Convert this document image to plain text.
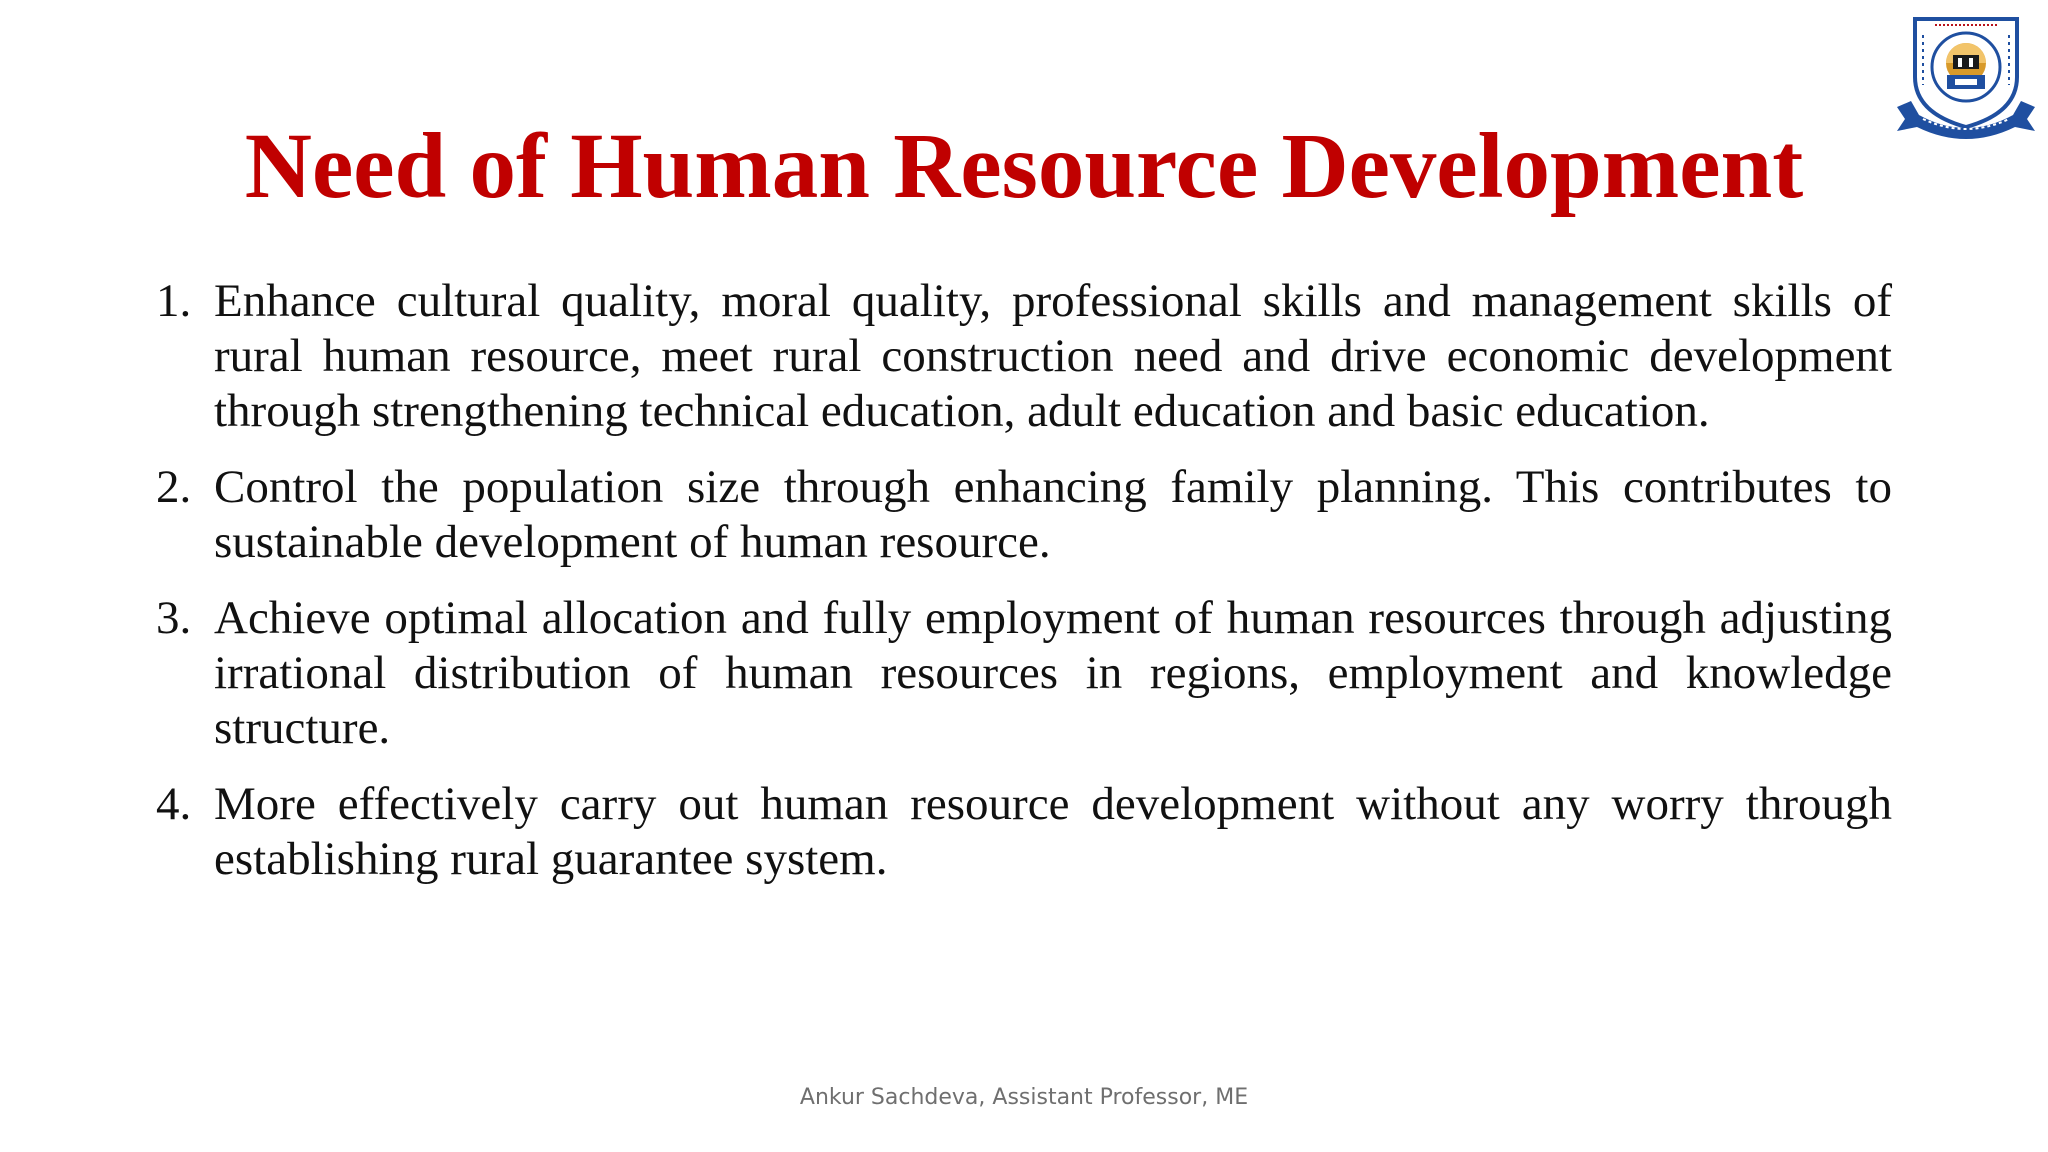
Need of Human Resource Development
1. Enhance cultural quality, moral quality, professional skills and management skills of rural human resource, meet rural construction need and drive economic development through strengthening technical education, adult education and basic education.
2. Control the population size through enhancing family planning. This contributes to sustainable development of human resource.
3. Achieve optimal allocation and fully employment of human resources through adjusting irrational distribution of human resources in regions, employment and knowledge structure.
4. More effectively carry out human resource development without any worry through establishing rural guarantee system.
Ankur Sachdeva, Assistant Professor, ME
